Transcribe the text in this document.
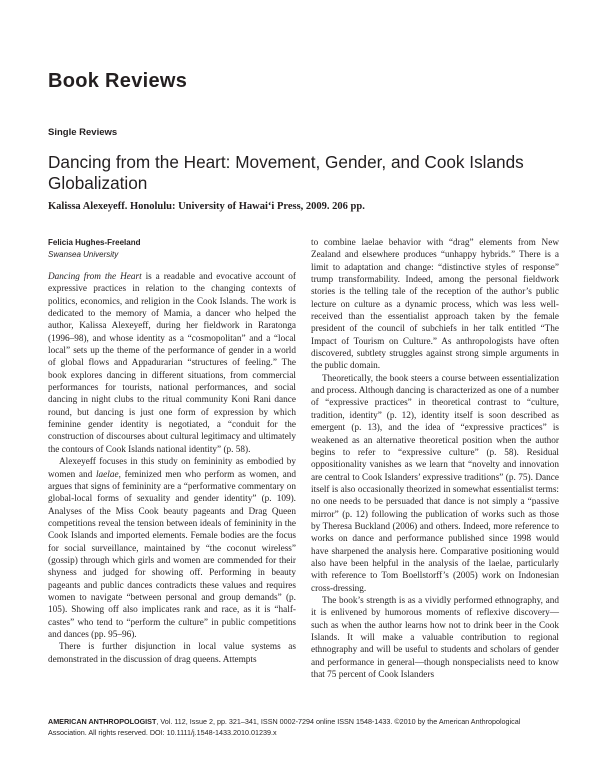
Book Reviews
Single Reviews
Dancing from the Heart: Movement, Gender, and Cook Islands Globalization

Kalissa Alexeyeff. Honolulu: University of Hawai‘i Press, 2009. 206 pp.

Felicia Hughes-Freeland
Swansea University

Dancing from the Heart is a readable and evocative account of expressive practices in relation to the changing contexts of politics, economics, and religion in the Cook Islands. The work is dedicated to the memory of Mamia, a dancer who helped the author, Kalissa Alexeyeff, during her fieldwork in Raratonga (1996–98), and whose identity as a “cosmopolitan” and a “local local” sets up the theme of the performance of gender in a world of global flows and Appadurarian “structures of feeling.” The book explores dancing in different situations, from commercial performances for tourists, national performances, and social dancing in night clubs to the ritual community Koni Rani dance round, but dancing is just one form of expression by which feminine gender identity is negotiated, a “conduit for the construction of discourses about cultural legitimacy and ultimately the contours of Cook Islands national identity” (p. 58).

Alexeyeff focuses in this study on femininity as embodied by women and laelae, feminized men who perform as women, and argues that signs of femininity are a “performative commentary on global-local forms of sexuality and gender identity” (p. 109). Analyses of the Miss Cook beauty pageants and Drag Queen competitions reveal the tension between ideals of femininity in the Cook Islands and imported elements. Female bodies are the focus for social surveillance, maintained by “the coconut wireless” (gossip) through which girls and women are commended for their shyness and judged for showing off. Performing in beauty pageants and public dances contradicts these values and requires women to navigate “between personal and group demands” (p. 105). Showing off also implicates rank and race, as it is “half-castes” who tend to “perform the culture” in public competitions and dances (pp. 95–96).

There is further disjunction in local value systems as demonstrated in the discussion of drag queens. Attempts

to combine laelae behavior with “drag” elements from New Zealand and elsewhere produces “unhappy hybrids.” There is a limit to adaptation and change: “distinctive styles of response” trump transformability. Indeed, among the personal fieldwork stories is the telling tale of the reception of the author’s public lecture on culture as a dynamic process, which was less well-received than the essentialist approach taken by the female president of the council of subchiefs in her talk entitled “The Impact of Tourism on Culture.” As anthropologists have often discovered, subtlety struggles against strong simple arguments in the public domain.

Theoretically, the book steers a course between essentialization and process. Although dancing is characterized as one of a number of “expressive practices” in theoretical contrast to “culture, tradition, identity” (p. 12), identity itself is soon described as emergent (p. 13), and the idea of “expressive practices” is weakened as an alternative theoretical position when the author begins to refer to “expressive culture” (p. 58). Residual oppositionality vanishes as we learn that “novelty and innovation are central to Cook Islanders’ expressive traditions” (p. 75). Dance itself is also occasionally theorized in somewhat essentialist terms: no one needs to be persuaded that dance is not simply a “passive mirror” (p. 12) following the publication of works such as those by Theresa Buckland (2006) and others. Indeed, more reference to works on dance and performance published since 1998 would have sharpened the analysis here. Comparative positioning would also have been helpful in the analysis of the laelae, particularly with reference to Tom Boellstorff’s (2005) work on Indonesian cross-dressing.

The book’s strength is as a vividly performed ethnography, and it is enlivened by humorous moments of reflexive discovery—such as when the author learns how not to drink beer in the Cook Islands. It will make a valuable contribution to regional ethnography and will be useful to students and scholars of gender and performance in general—though nonspecialists need to know that 75 percent of Cook Islanders

AMERICAN ANTHROPOLOGIST, Vol. 112, Issue 2, pp. 321–341, ISSN 0002-7294 online ISSN 1548-1433. ©2010 by the American Anthropological
Association. All rights reserved. DOI: 10.1111/j.1548-1433.2010.01239.x
